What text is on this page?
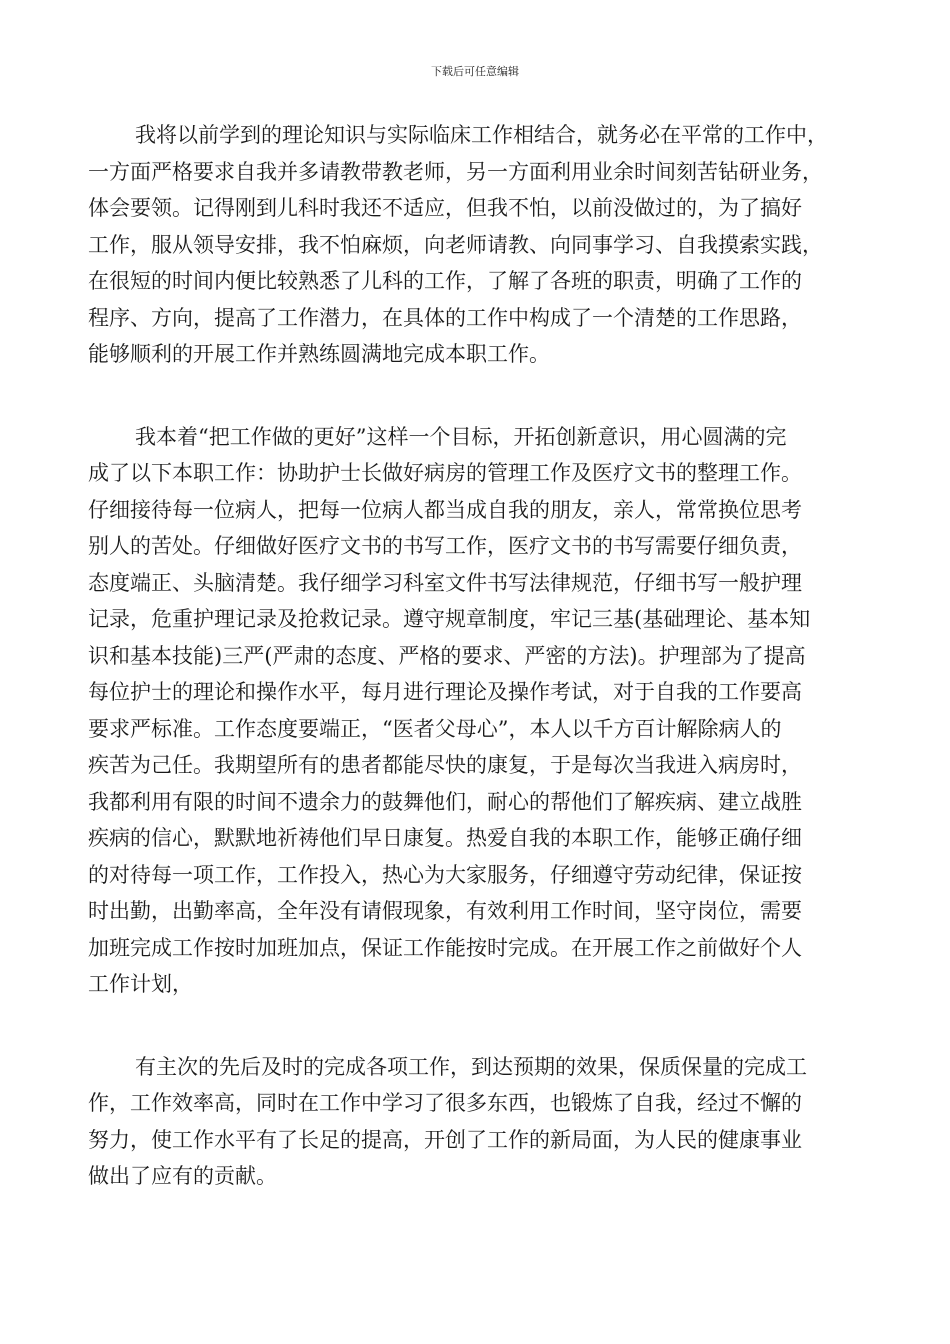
下载后可任意编辑
我将以前学到的理论知识与实际临床工作相结合，就务必在平常的工作中，
一方面严格要求自我并多请教带教老师，另一方面利用业余时间刻苦钻研业务，
体会要领。记得刚到儿科时我还不适应，但我不怕，以前没做过的，为了搞好
工作，服从领导安排，我不怕麻烦，向老师请教、向同事学习、自我摸索实践，
在很短的时间内便比较熟悉了儿科的工作，了解了各班的职责，明确了工作的
程序、方向，提高了工作潜力，在具体的工作中构成了一个清楚的工作思路，
能够顺利的开展工作并熟练圆满地完成本职工作。
我本着“把工作做的更好”这样一个目标，开拓创新意识，用心圆满的完
成了以下本职工作：协助护士长做好病房的管理工作及医疗文书的整理工作。
仔细接待每一位病人，把每一位病人都当成自我的朋友，亲人，常常换位思考
别人的苦处。仔细做好医疗文书的书写工作，医疗文书的书写需要仔细负责，
态度端正、头脑清楚。我仔细学习科室文件书写法律规范，仔细书写一般护理
记录，危重护理记录及抢救记录。遵守规章制度，牢记三基(基础理论、基本知
识和基本技能)三严(严肃的态度、严格的要求、严密的方法)。护理部为了提高
每位护士的理论和操作水平，每月进行理论及操作考试，对于自我的工作要高
要求严标准。工作态度要端正，“医者父母心”，本人以千方百计解除病人的
疾苦为己任。我期望所有的患者都能尽快的康复，于是每次当我进入病房时，
我都利用有限的时间不遗余力的鼓舞他们，耐心的帮他们了解疾病、建立战胜
疾病的信心，默默地祈祷他们早日康复。热爱自我的本职工作，能够正确仔细
的对待每一项工作，工作投入，热心为大家服务，仔细遵守劳动纪律，保证按
时出勤，出勤率高，全年没有请假现象，有效利用工作时间，坚守岗位，需要
加班完成工作按时加班加点，保证工作能按时完成。在开展工作之前做好个人
工作计划，
有主次的先后及时的完成各项工作，到达预期的效果，保质保量的完成工
作，工作效率高，同时在工作中学习了很多东西，也锻炼了自我，经过不懈的
努力，使工作水平有了长足的提高，开创了工作的新局面，为人民的健康事业
做出了应有的贡献。
